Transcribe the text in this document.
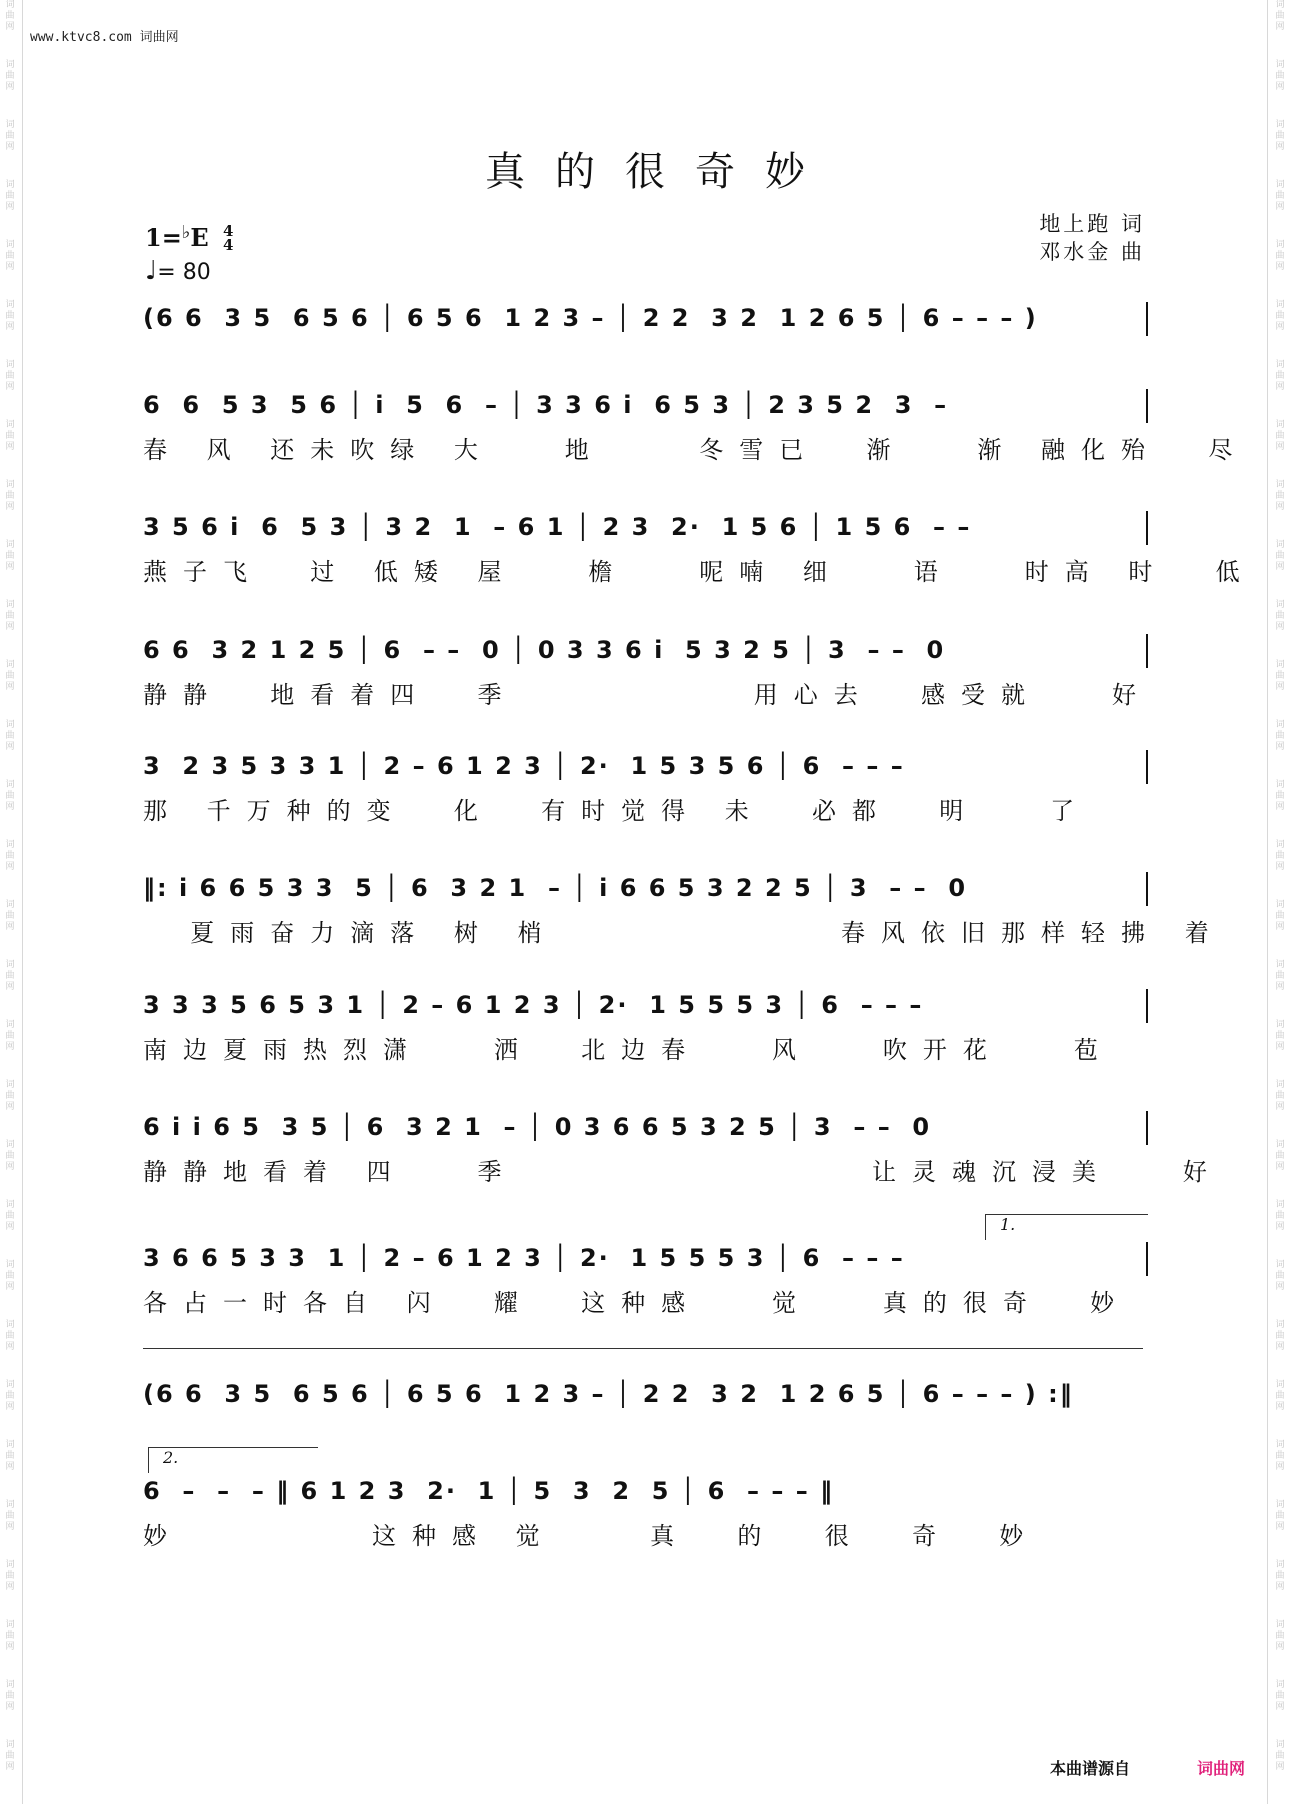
词
曲
网
词
曲
网
词
曲
网
词
曲
网
词
曲
网
词
曲
网
词
曲
网
词
曲
网
词
曲
网
词
曲
网
词
曲
网
词
曲
网
词
曲
网
词
曲
网
词
曲
网
词
曲
网
词
曲
网
词
曲
网
词
曲
网
词
曲
网
词
曲
网
词
曲
网
词
曲
网
词
曲
网
词
曲
网
词
曲
网
词
曲
网
词
曲
网
词
曲
网
词
曲
网
词
曲
网
词
曲
网
词
曲
网
词
曲
网
词
曲
网
词
曲
网
词
曲
网
词
曲
网
词
曲
网
词
曲
网
词
曲
网
词
曲
网
词
曲
网
词
曲
网
词
曲
网
词
曲
网
词
曲
网
词
曲
网
词
曲
网
词
曲
网
词
曲
网
词
曲
网
词
曲
网
词
曲
网
词
曲
网
词
曲
网
词
曲
网
词
曲
网
词
曲
网
词
曲
网
www.ktvc8.com 词曲网
真的很奇妙
1=♭E 4
4
♩= 80
地上跑 词
邓水金 曲
(6 6  3 5  6 5 6 │ 6 5 6  1 2 3 – │ 2 2  3 2  1 2 6 5 │ 6 – – – )
6  6  5 3  5 6 │ i  5  6  – │ 3 3 6 i  6 5 3 │ 2 3 5 2  3  –
春 风 还未吹绿 大   地    冬雪已  渐   渐 融化殆  尽
3 5 6 i  6  5 3 │ 3 2  1  – 6 1 │ 2 3  2·  1 5 6 │ 1 5 6  – –
燕子飞  过 低矮 屋   檐   呢喃 细   语   时高 时  低
6 6  3 2 1 2 5 │ 6  – –  0 │ 0 3 3 6 i  5 3 2 5 │ 3  – –  0
静静  地看着四  季          用心去  感受就   好
3  2 3 5 3 3 1 │ 2 – 6 1 2 3 │ 2·  1 5 3 5 6 │ 6  – – –
那 千万种的变  化  有时觉得 未  必都  明   了
‖: i 6 6 5 3 3  5 │ 6  3 2 1  – │ i 6 6 5 3 2 2 5 │ 3  – –  0
夏雨奋力滴落 树 梢            春风依旧那样轻拂 着
3 3 3 5 6 5 3 1 │ 2 – 6 1 2 3 │ 2·  1 5 5 5 3 │ 6  – – –
南边夏雨热烈潇   洒  北边春   风   吹开花   苞
6 i i 6 5  3 5 │ 6  3 2 1  – │ 0 3 6 6 5 3 2 5 │ 3  – –  0
静静地看着 四   季               让灵魂沉浸美   好
1.
3 6 6 5 3 3  1 │ 2 – 6 1 2 3 │ 2·  1 5 5 5 3 │ 6  – – –
各占一时各自 闪  耀  这种感   觉   真的很奇  妙
(6 6  3 5  6 5 6 │ 6 5 6  1 2 3 – │ 2 2  3 2  1 2 6 5 │ 6 – – – ) :‖
2.
6  –  –  – ‖ 6 1 2 3  2·  1 │ 5  3  2  5 │ 6  – – – ‖
妙        这种感 觉    真  的  很  奇  妙
本曲谱源自	词曲网
